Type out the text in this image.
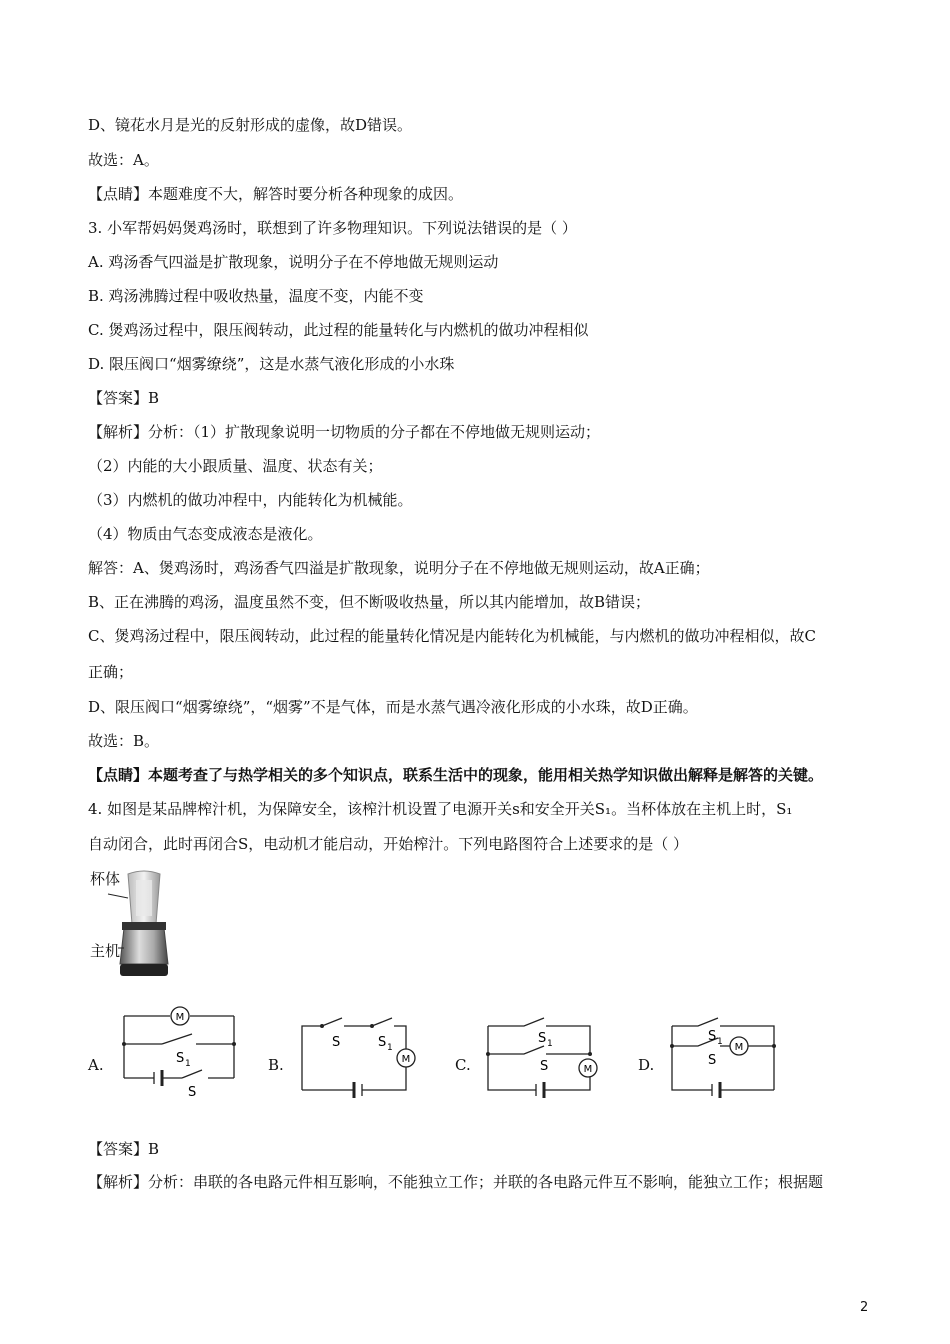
D、镜花水月是光的反射形成的虚像，故D错误。
故选：A。
【点睛】本题难度不大，解答时要分析各种现象的成因。
3. 小军帮妈妈煲鸡汤时，联想到了许多物理知识。下列说法错误的是（ ）
A. 鸡汤香气四溢是扩散现象，说明分子在不停地做无规则运动
B. 鸡汤沸腾过程中吸收热量，温度不变，内能不变
C. 煲鸡汤过程中，限压阀转动，此过程的能量转化与内燃机的做功冲程相似
D. 限压阀口“烟雾缭绕”，这是水蒸气液化形成的小水珠
【答案】B
【解析】分析：（1）扩散现象说明一切物质的分子都在不停地做无规则运动；
（2）内能的大小跟质量、温度、状态有关；
（3）内燃机的做功冲程中，内能转化为机械能。
（4）物质由气态变成液态是液化。
解答：A、煲鸡汤时，鸡汤香气四溢是扩散现象，说明分子在不停地做无规则运动，故A正确；
B、正在沸腾的鸡汤，温度虽然不变，但不断吸收热量，所以其内能增加，故B错误；
C、煲鸡汤过程中，限压阀转动，此过程的能量转化情况是内能转化为机械能，与内燃机的做功冲程相似，故C
正确；
D、限压阀口“烟雾缭绕”，“烟雾”不是气体，而是水蒸气遇冷液化形成的小水珠，故D正确。
故选：B。
【点睛】本题考查了与热学相关的多个知识点，联系生活中的现象，能用相关热学知识做出解释是解答的关键。
4. 如图是某品牌榨汁机，为保障安全，该榨汁机设置了电源开关s和安全开关S₁。当杯体放在主机上时，S₁
自动闭合，此时再闭合S，电动机才能启动，开始榨汁。下列电路图符合上述要求的是（ ）
杯体
主机
A.	B.	C.	D.
M
S 1
S
M
S	S 1
M
S 1
S
M
S 1
S
【答案】B
【解析】分析：串联的各电路元件相互影响，不能独立工作；并联的各电路元件互不影响，能独立工作；根据题
2
